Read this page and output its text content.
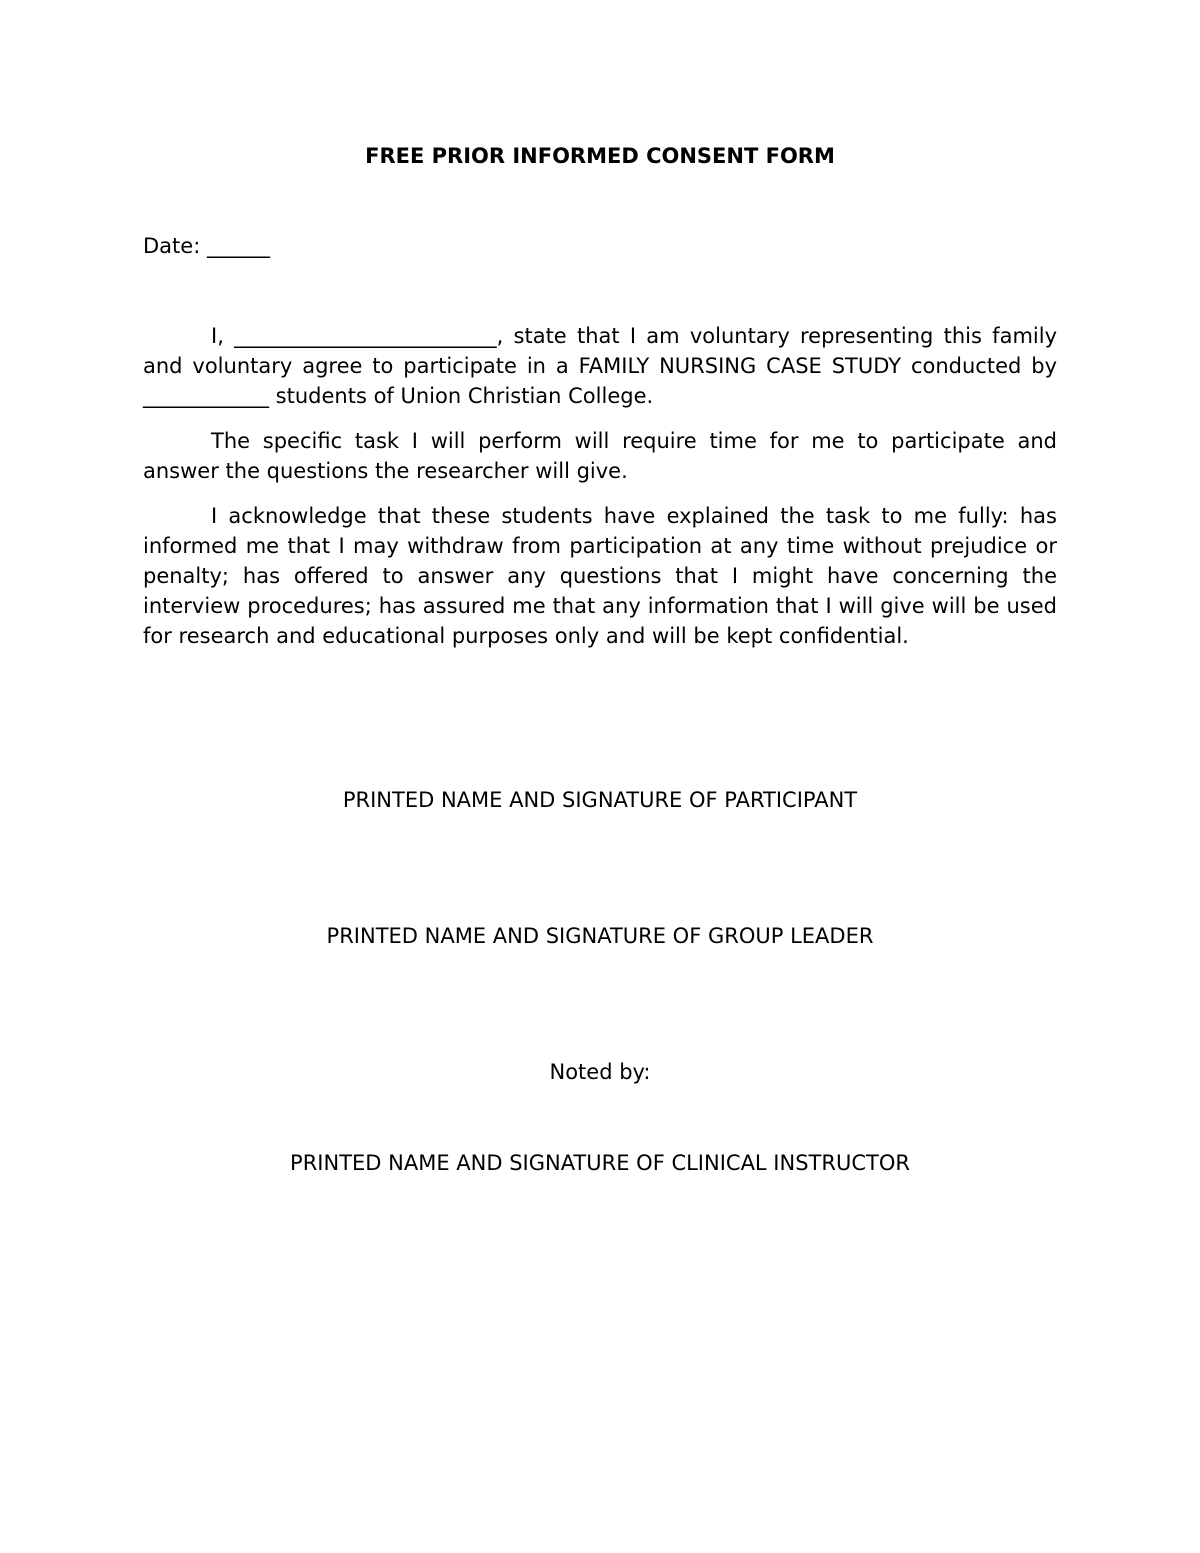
FREE PRIOR INFORMED CONSENT FORM
Date: ______

I, _________________________, state that I am voluntary representing this family and voluntary agree to participate in a FAMILY NURSING CASE STUDY conducted by ____________ students of Union Christian College.

The specific task I will perform will require time for me to participate and answer the questions the researcher will give.

I acknowledge that these students have explained the task to me fully: has informed me that I may withdraw from participation at any time without prejudice or penalty; has offered to answer any questions that I might have concerning the interview procedures; has assured me that any information that I will give will be used for research and educational purposes only and will be kept confidential.

PRINTED NAME AND SIGNATURE OF PARTICIPANT
PRINTED NAME AND SIGNATURE OF GROUP LEADER
Noted by:
PRINTED NAME AND SIGNATURE OF CLINICAL INSTRUCTOR
